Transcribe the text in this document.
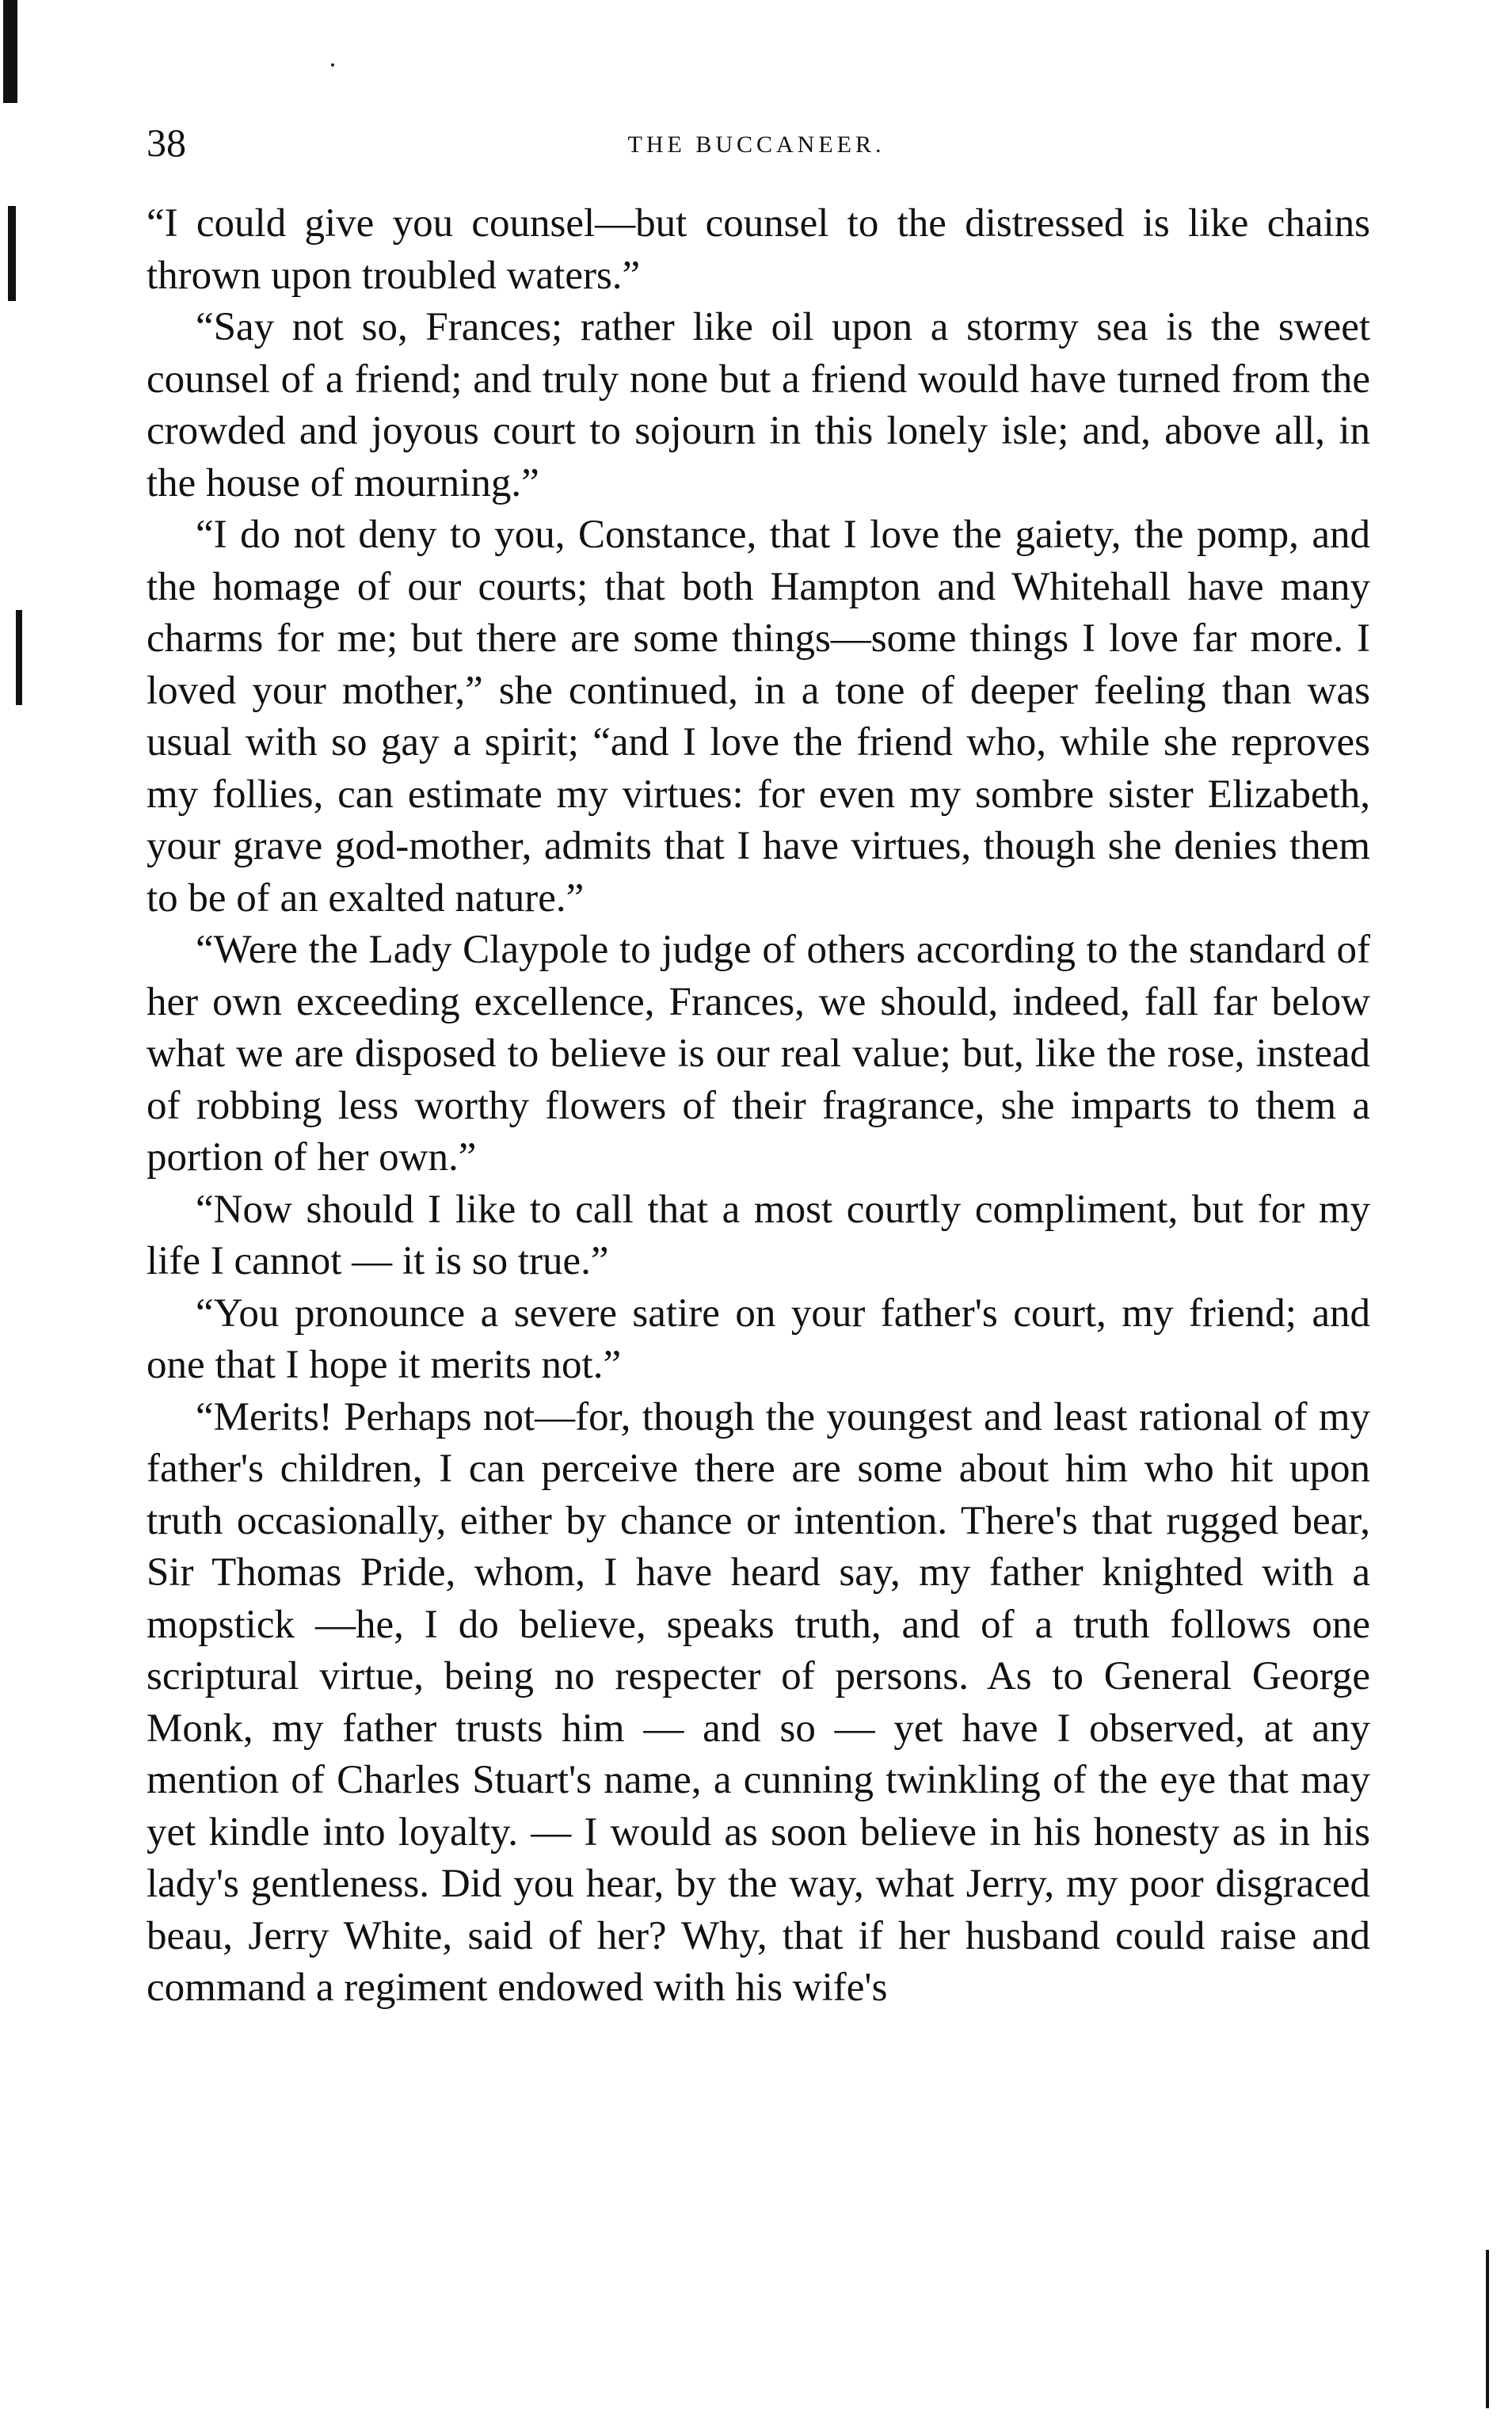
38	THE BUCCANEER.

“I could give you counsel—but counsel to the distressed is like chains thrown upon troubled waters.”

“Say not so, Frances; rather like oil upon a stormy sea is the sweet counsel of a friend; and truly none but a friend would have turned from the crowded and joyous court to sojourn in this lonely isle; and, above all, in the house of mourning.”

“I do not deny to you, Constance, that I love the gaiety, the pomp, and the homage of our courts; that both Hampton and Whitehall have many charms for me; but there are some things—some things I love far more. I loved your mother,” she continued, in a tone of deeper feeling than was usual with so gay a spirit; “and I love the friend who, while she reproves my follies, can estimate my virtues: for even my sombre sister Elizabeth, your grave god-mother, admits that I have virtues, though she denies them to be of an exalted nature.”

“Were the Lady Claypole to judge of others according to the standard of her own exceeding excellence, Frances, we should, indeed, fall far below what we are disposed to believe is our real value; but, like the rose, instead of robbing less worthy flowers of their fragrance, she imparts to them a portion of her own.”

“Now should I like to call that a most courtly compliment, but for my life I cannot — it is so true.”

“You pronounce a severe satire on your father's court, my friend; and one that I hope it merits not.”

“Merits! Perhaps not—for, though the youngest and least rational of my father's children, I can perceive there are some about him who hit upon truth occasionally, either by chance or intention. There's that rugged bear, Sir Thomas Pride, whom, I have heard say, my father knighted with a mopstick —he, I do believe, speaks truth, and of a truth follows one scriptural virtue, being no respecter of persons. As to General George Monk, my father trusts him — and so — yet have I observed, at any mention of Charles Stuart's name, a cunning twinkling of the eye that may yet kindle into loyalty. — I would as soon believe in his honesty as in his lady's gentleness. Did you hear, by the way, what Jerry, my poor disgraced beau, Jerry White, said of her? Why, that if her husband could raise and command a regiment endowed with his wife's
